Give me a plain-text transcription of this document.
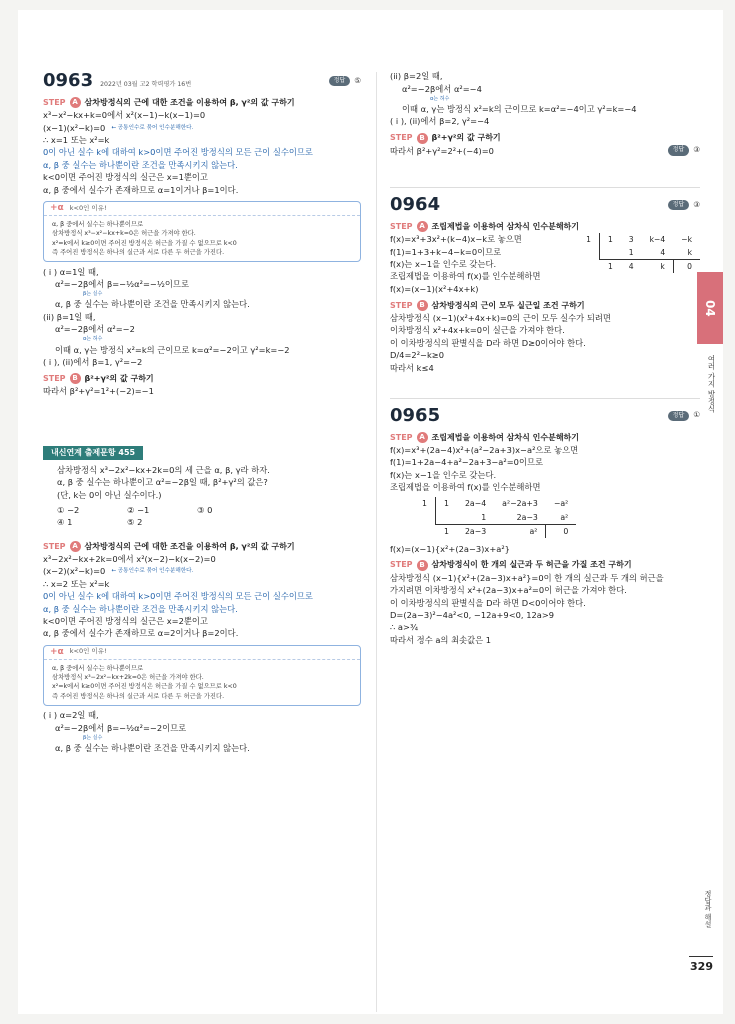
0963 2022년 03월 고2 학력평가 16번
정답	⑤
STEP A 삼차방정식의 근에 대한 조건을 이용하여 β, γ²의 값 구하기
x³−x²−kx+k=0에서 x²(x−1)−k(x−1)=0
(x−1)(x²−k)=0 ← 공통인수로 묶어 인수분해한다.
∴ x=1 또는 x²=k
0이 아닌 실수 k에 대하여 k>0이면 주어진 방정식의 모든 근이 실수이므로
α, β 중 실수는 하나뿐이란 조건을 만족시키지 않는다.
k<0이면 주어진 방정식의 실근은 x=1뿐이고
α, β 중에서 실수가 존재하므로 α=1이거나 β=1이다.
+α k<0인 이유!
α, β 중에서 실수는 하나뿐이므로
삼차방정식 x³−x²−kx+k=0은 허근을 가져야 한다.
x²=k에서 k≥0이면 주어진 방정식은 허근을 가질 수 없으므로 k<0
즉 주어진 방정식은 하나의 실근과 서로 다른 두 허근을 가진다.
( i ) α=1일 때,
α²=−2β에서 β=−½α²=−½이므로
β는 실수
α, β 중 실수는 하나뿐이란 조건을 만족시키지 않는다.
(ii) β=1일 때,
α²=−2β에서 α²=−2
α는 허수
이때 α, γ는 방정식 x²=k의 근이므로 k=α²=−2이고 γ²=k=−2
( i ), (ii)에서 β=1, γ²=−2
STEP B β²+γ²의 값 구하기
따라서 β²+γ²=1²+(−2)=−1
내신연계 출제문항 455
삼차방정식 x³−2x²−kx+2k=0의 세 근을 α, β, γ라 하자.
α, β 중 실수는 하나뿐이고 α²=−2β일 때, β²+γ²의 값은?
(단, k는 0이 아닌 실수이다.)
① −2	② −1	③ 0
④ 1	⑤ 2
STEP A 삼차방정식의 근에 대한 조건을 이용하여 β, γ²의 값 구하기
x³−2x²−kx+2k=0에서 x²(x−2)−k(x−2)=0
(x−2)(x²−k)=0 ← 공통인수로 묶어 인수분해한다.
∴ x=2 또는 x²=k
0이 아닌 실수 k에 대하여 k>0이면 주어진 방정식의 모든 근이 실수이므로
α, β 중 실수는 하나뿐이란 조건을 만족시키지 않는다.
k<0이면 주어진 방정식의 실근은 x=2뿐이고
α, β 중에서 실수가 존재하므로 α=2이거나 β=2이다.
+α k<0인 이유!
α, β 중에서 실수는 하나뿐이므로
삼차방정식 x³−2x²−kx+2k=0은 허근을 가져야 한다.
x²=k에서 k≥0이면 주어진 방정식은 허근을 가질 수 없으므로 k<0
즉 주어진 방정식은 하나의 실근과 서로 다른 두 허근을 가진다.
( i ) α=2일 때,
α²=−2β에서 β=−½α²=−2이므로
β는 실수
α, β 중 실수는 하나뿐이란 조건을 만족시키지 않는다.
(ii) β=2일 때,
α²=−2β에서 α²=−4
α는 허수
이때 α, γ는 방정식 x²=k의 근이므로 k=α²=−4이고 γ²=k=−4
( i ), (ii)에서 β=2, γ²=−4
STEP B β²+γ²의 값 구하기
따라서 β²+γ²=2²+(−4)=0	정답	③
0964	정답	③
STEP A 조립제법을 이용하여 삼차식 인수분해하기
f(x)=x³+3x²+(k−4)x−k로 놓으면
f(1)=1+3+k−4−k=0이므로
f(x)는 x−1을 인수로 갖는다.
조립제법을 이용하여 f(x)를 인수분해하면
f(x)=(x−1)(x²+4x+k)
1	1	3	k−4	−k
		1	4	k
	1	4	k	0
STEP B 삼차방정식의 근이 모두 실근일 조건 구하기
삼차방정식 (x−1)(x²+4x+k)=0의 근이 모두 실수가 되려면
이차방정식 x²+4x+k=0이 실근을 가져야 한다.
이 이차방정식의 판별식을 D라 하면 D≥0이어야 한다.
D/4=2²−k≥0
따라서 k≤4
0965	정답	①
STEP A 조립제법을 이용하여 삼차식 인수분해하기
f(x)=x³+(2a−4)x²+(a²−2a+3)x−a²으로 놓으면
f(1)=1+2a−4+a²−2a+3−a²=0이므로
f(x)는 x−1을 인수로 갖는다.
조립제법을 이용하여 f(x)를 인수분해하면
1	1	2a−4	a²−2a+3	−a²
		1	2a−3	a²
	1	2a−3	a²	0
f(x)=(x−1){x²+(2a−3)x+a²}
STEP B 삼차방정식이 한 개의 실근과 두 허근을 가질 조건 구하기
삼차방정식 (x−1){x²+(2a−3)x+a²}=0이 한 개의 실근과 두 개의 허근을
가지려면 이차방정식 x²+(2a−3)x+a²=0이 허근을 가져야 한다.
이 이차방정식의 판별식을 D라 하면 D<0이어야 한다.
D=(2a−3)²−4a²<0, −12a+9<0, 12a>9
∴ a>¾
따라서 정수 a의 최솟값은 1
04
여러 가지 방정식
정답과 해설
329
